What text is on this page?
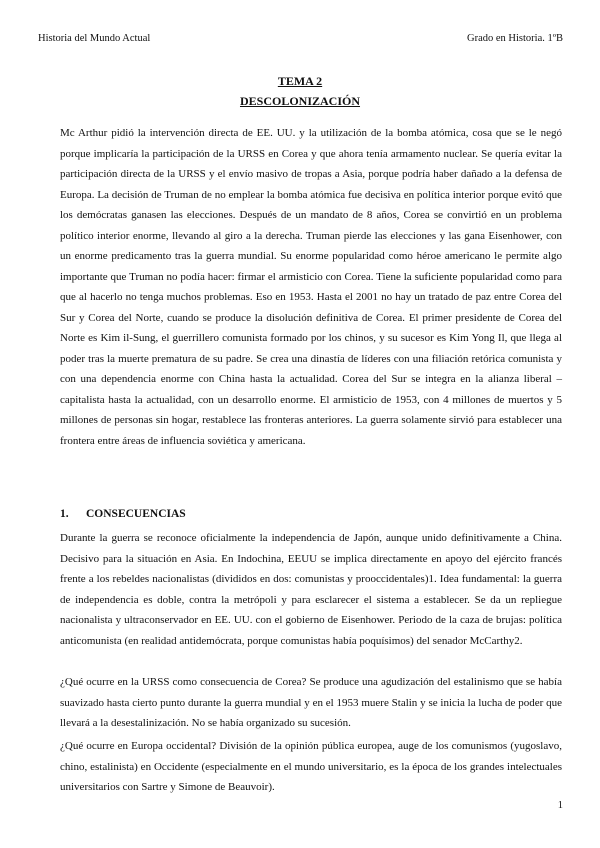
Historia del Mundo Actual	Grado en Historia. 1ºB
TEMA 2
DESCOLONIZACIÓN

Mc Arthur pidió la intervención directa de EE. UU. y la utilización de la bomba atómica, cosa que se le negó porque implicaría la participación de la URSS en Corea y que ahora tenía armamento nuclear. Se quería evitar la participación directa de la URSS y el envío masivo de tropas a Asia, porque podría haber dañado a la defensa de Europa. La decisión de Truman de no emplear la bomba atómica fue decisiva en política interior porque evitó que los demócratas ganasen las elecciones. Después de un mandato de 8 años, Corea se convirtió en un problema político interior enorme, llevando al giro a la derecha. Truman pierde las elecciones y las gana Eisenhower, con un enorme predicamento tras la guerra mundial. Su enorme popularidad como héroe americano le permite algo importante que Truman no podía hacer: firmar el armisticio con Corea. Tiene la suficiente popularidad como para que al hacerlo no tenga muchos problemas. Eso en 1953. Hasta el 2001 no hay un tratado de paz entre Corea del Sur y Corea del Norte, cuando se produce la disolución definitiva de Corea. El primer presidente de Corea del Norte es Kim il-Sung, el guerrillero comunista formado por los chinos, y su sucesor es Kim Yong Il, que llega al poder tras la muerte prematura de su padre. Se crea una dinastía de líderes con una filiación retórica comunista y con una dependencia enorme con China hasta la actualidad. Corea del Sur se integra en la alianza liberal – capitalista hasta la actualidad, con un desarrollo enorme. El armisticio de 1953, con 4 millones de muertos y 5 millones de personas sin hogar, restablece las fronteras anteriores. La guerra solamente sirvió para establecer una frontera entre áreas de influencia soviética y americana.

1. CONSECUENCIAS

Durante la guerra se reconoce oficialmente la independencia de Japón, aunque unido definitivamente a China. Decisivo para la situación en Asia. En Indochina, EEUU se implica directamente en apoyo del ejército francés frente a los rebeldes nacionalistas (divididos en dos: comunistas y prooccidentales)1. Idea fundamental: la guerra de independencia es doble, contra la metrópoli y para esclarecer el sistema a establecer. Se da un repliegue nacionalista y ultraconservador en EE. UU. con el gobierno de Eisenhower. Periodo de la caza de brujas: política anticomunista (en realidad antidemócrata, porque comunistas había poquísimos) del senador McCarthy2.

¿Qué ocurre en la URSS como consecuencia de Corea? Se produce una agudización del estalinismo que se había suavizado hasta cierto punto durante la guerra mundial y en el 1953 muere Stalin y se inicia la lucha de poder que llevará a la desestalinización. No se había organizado su sucesión.

¿Qué ocurre en Europa occidental? División de la opinión pública europea, auge de los comunismos (yugoslavo, chino, estalinista) en Occidente (especialmente en el mundo universitario, es la época de los grandes intelectuales universitarios con Sartre y Simone de Beauvoir).

1
